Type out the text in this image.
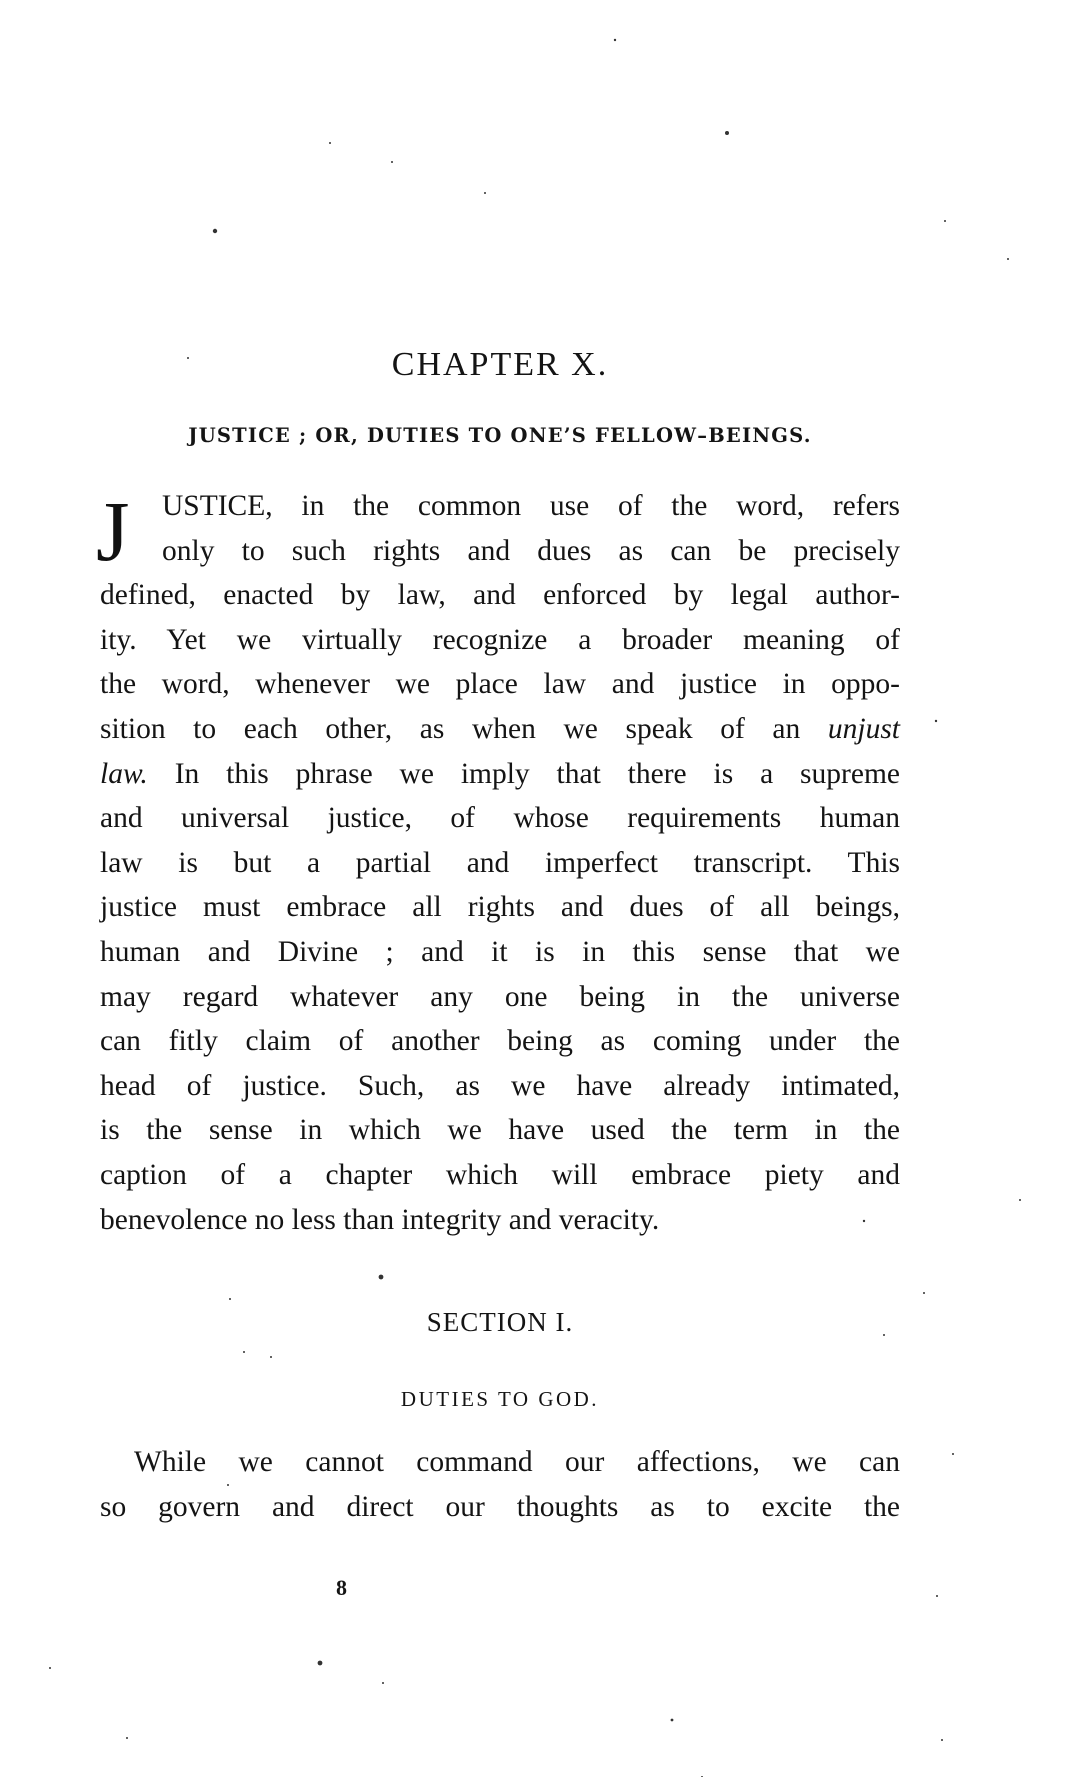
CHAPTER X.
JUSTICE ; OR, DUTIES TO ONE’S FELLOW–BEINGS.
J	USTICE, in the common use of the word, refers
only to such rights and dues as can be precisely
defined, enacted by law, and enforced by legal author-
ity. Yet we virtually recognize a broader meaning of
the word, whenever we place law and justice in oppo-
sition to each other, as when we speak of an unjust
law. In this phrase we imply that there is a supreme
and universal justice, of whose requirements human
law is but a partial and imperfect transcript. This
justice must embrace all rights and dues of all beings,
human and Divine ; and it is in this sense that we
may regard whatever any one being in the universe
can fitly claim of another being as coming under the
head of justice. Such, as we have already intimated,
is the sense in which we have used the term in the
caption of a chapter which will embrace piety and
benevolence no less than integrity and veracity.
SECTION I.
DUTIES TO GOD.
While we cannot command our affections, we can
so govern and direct our thoughts as to excite the
8
